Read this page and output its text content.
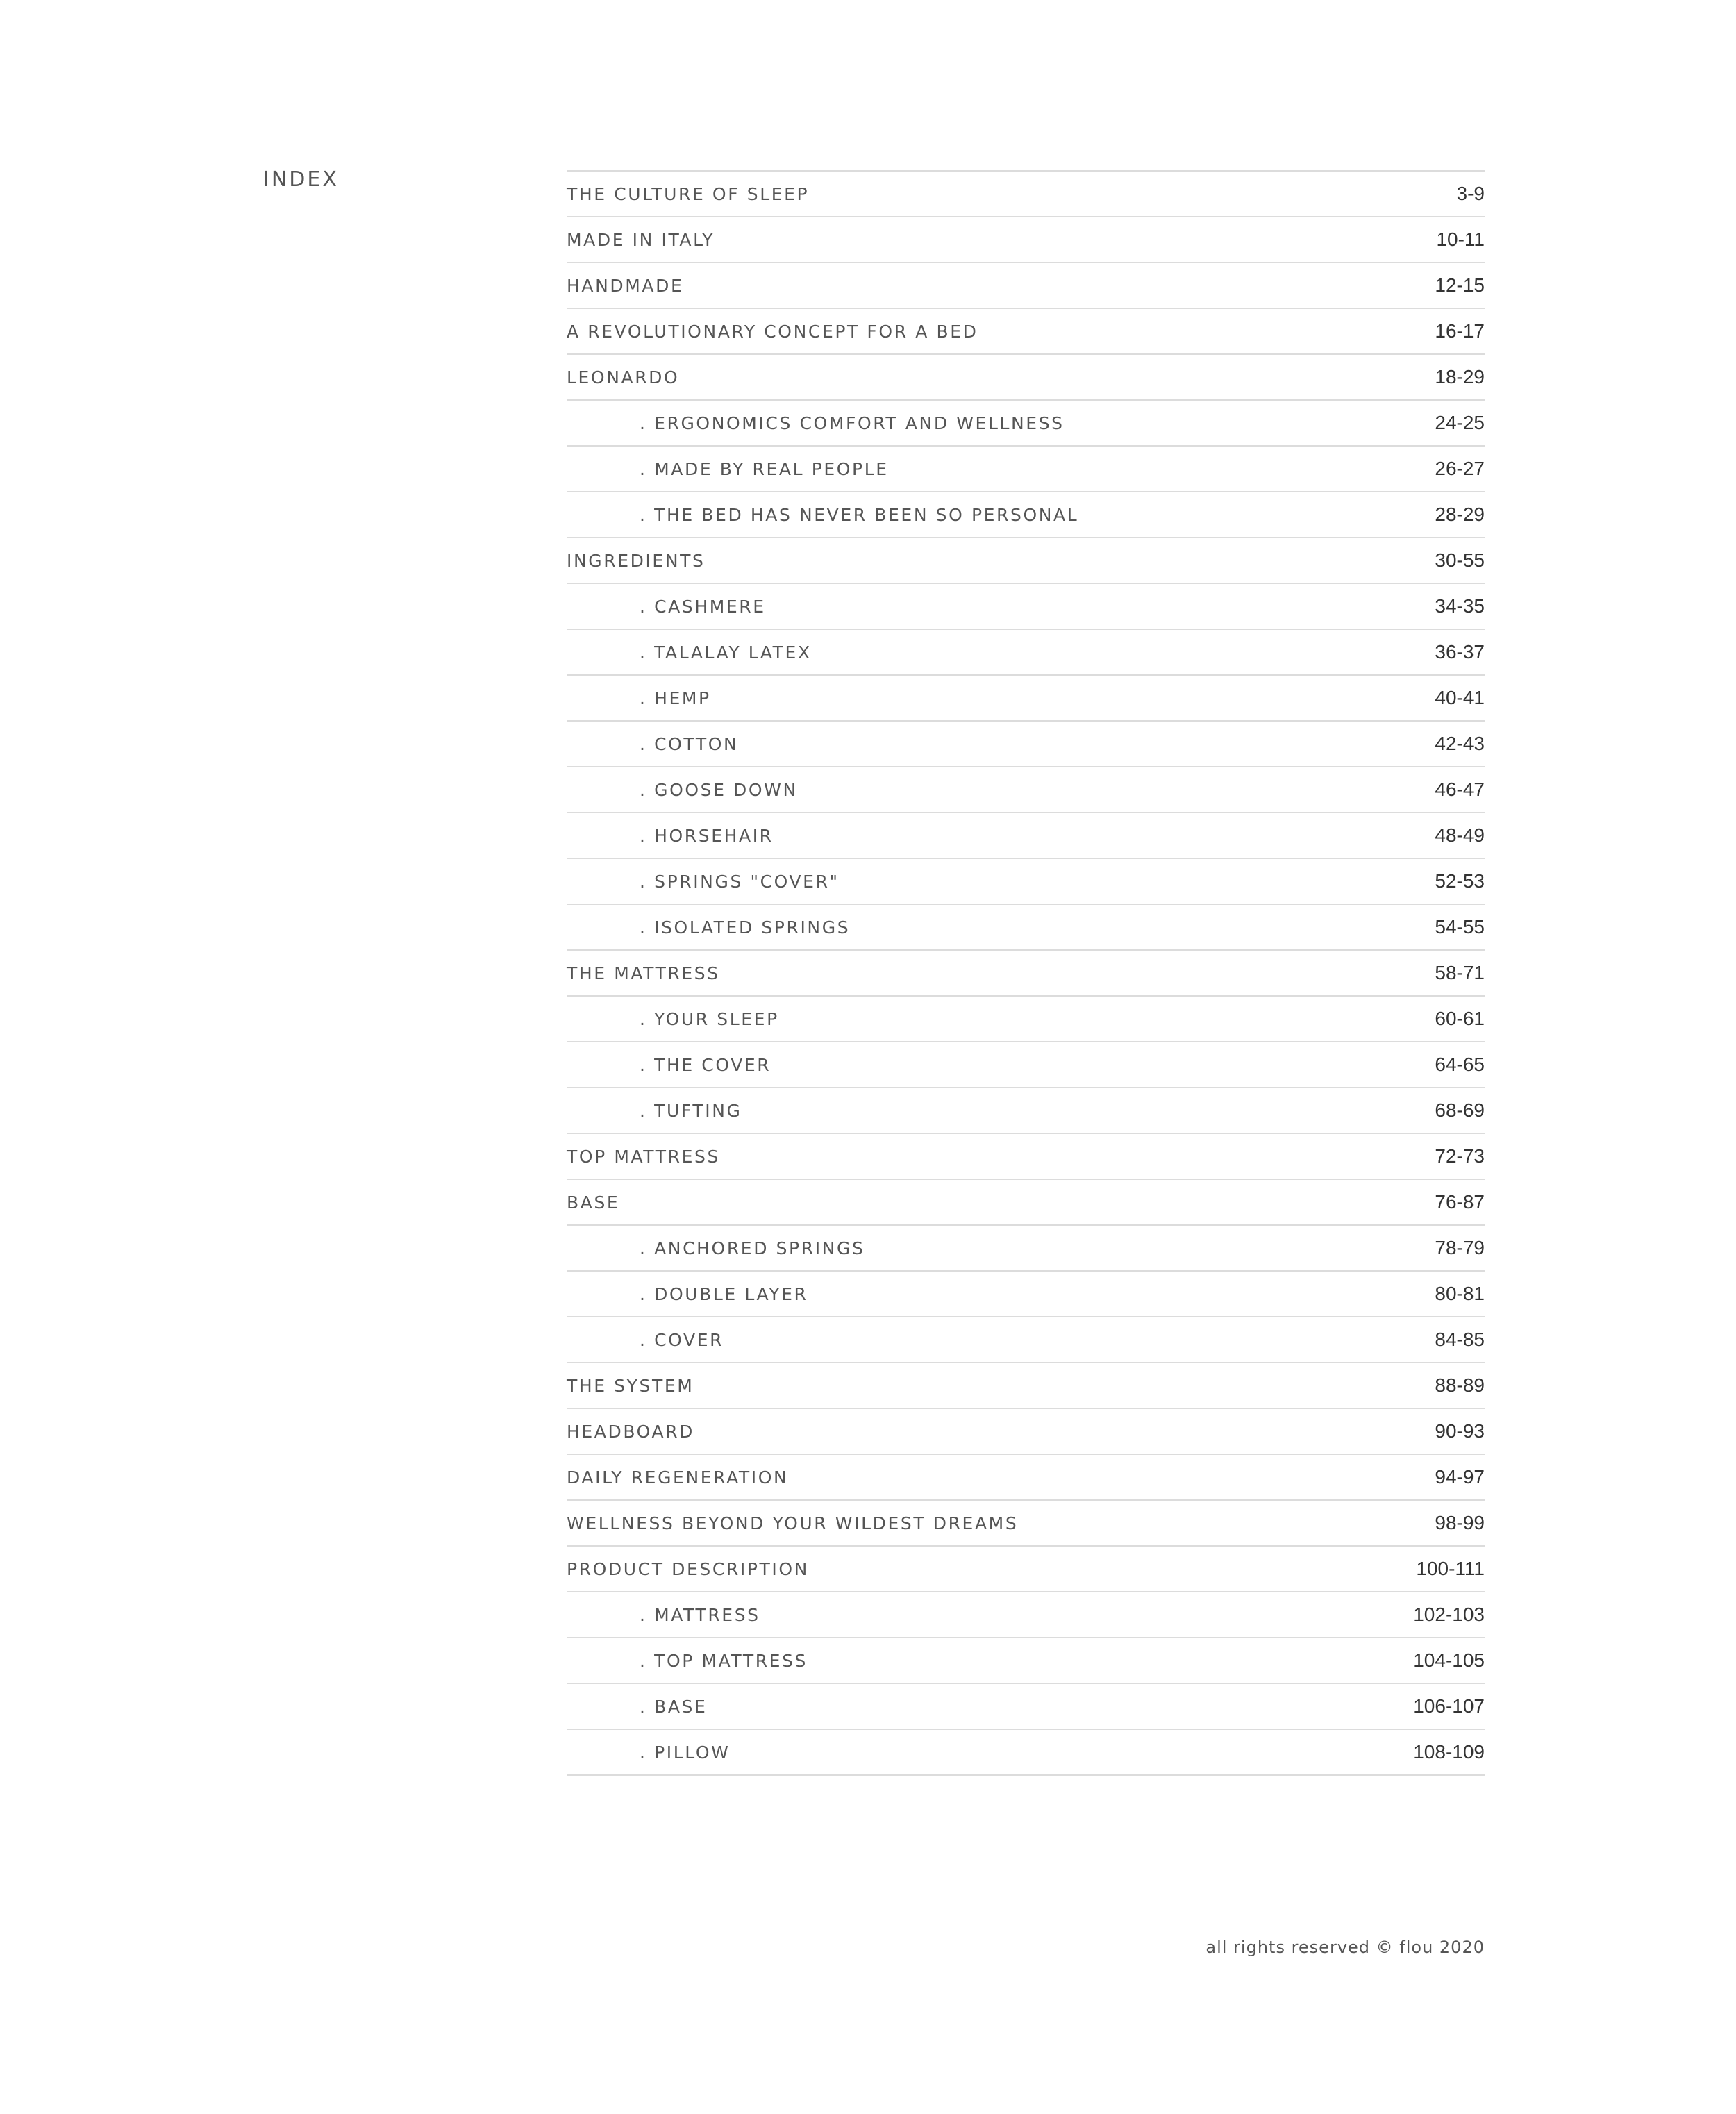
INDEX
THE CULTURE OF SLEEP	3-9
MADE IN ITALY	10-11
HANDMADE	12-15
A REVOLUTIONARY CONCEPT FOR A BED	16-17
LEONARDO	18-29
. ERGONOMICS COMFORT AND WELLNESS	24-25
. MADE BY REAL PEOPLE	26-27
. THE BED HAS NEVER BEEN SO PERSONAL	28-29
INGREDIENTS	30-55
. CASHMERE	34-35
. TALALAY LATEX	36-37
. HEMP	40-41
. COTTON	42-43
. GOOSE DOWN	46-47
. HORSEHAIR	48-49
. SPRINGS "COVER"	52-53
. ISOLATED SPRINGS	54-55
THE MATTRESS	58-71
. YOUR SLEEP	60-61
. THE COVER	64-65
. TUFTING	68-69
TOP MATTRESS	72-73
BASE	76-87
. ANCHORED SPRINGS	78-79
. DOUBLE LAYER	80-81
. COVER	84-85
THE SYSTEM	88-89
HEADBOARD	90-93
DAILY REGENERATION	94-97
WELLNESS BEYOND YOUR WILDEST DREAMS	98-99
PRODUCT DESCRIPTION	100-111
. MATTRESS	102-103
. TOP MATTRESS	104-105
. BASE	106-107
. PILLOW	108-109
all rights reserved © flou 2020
